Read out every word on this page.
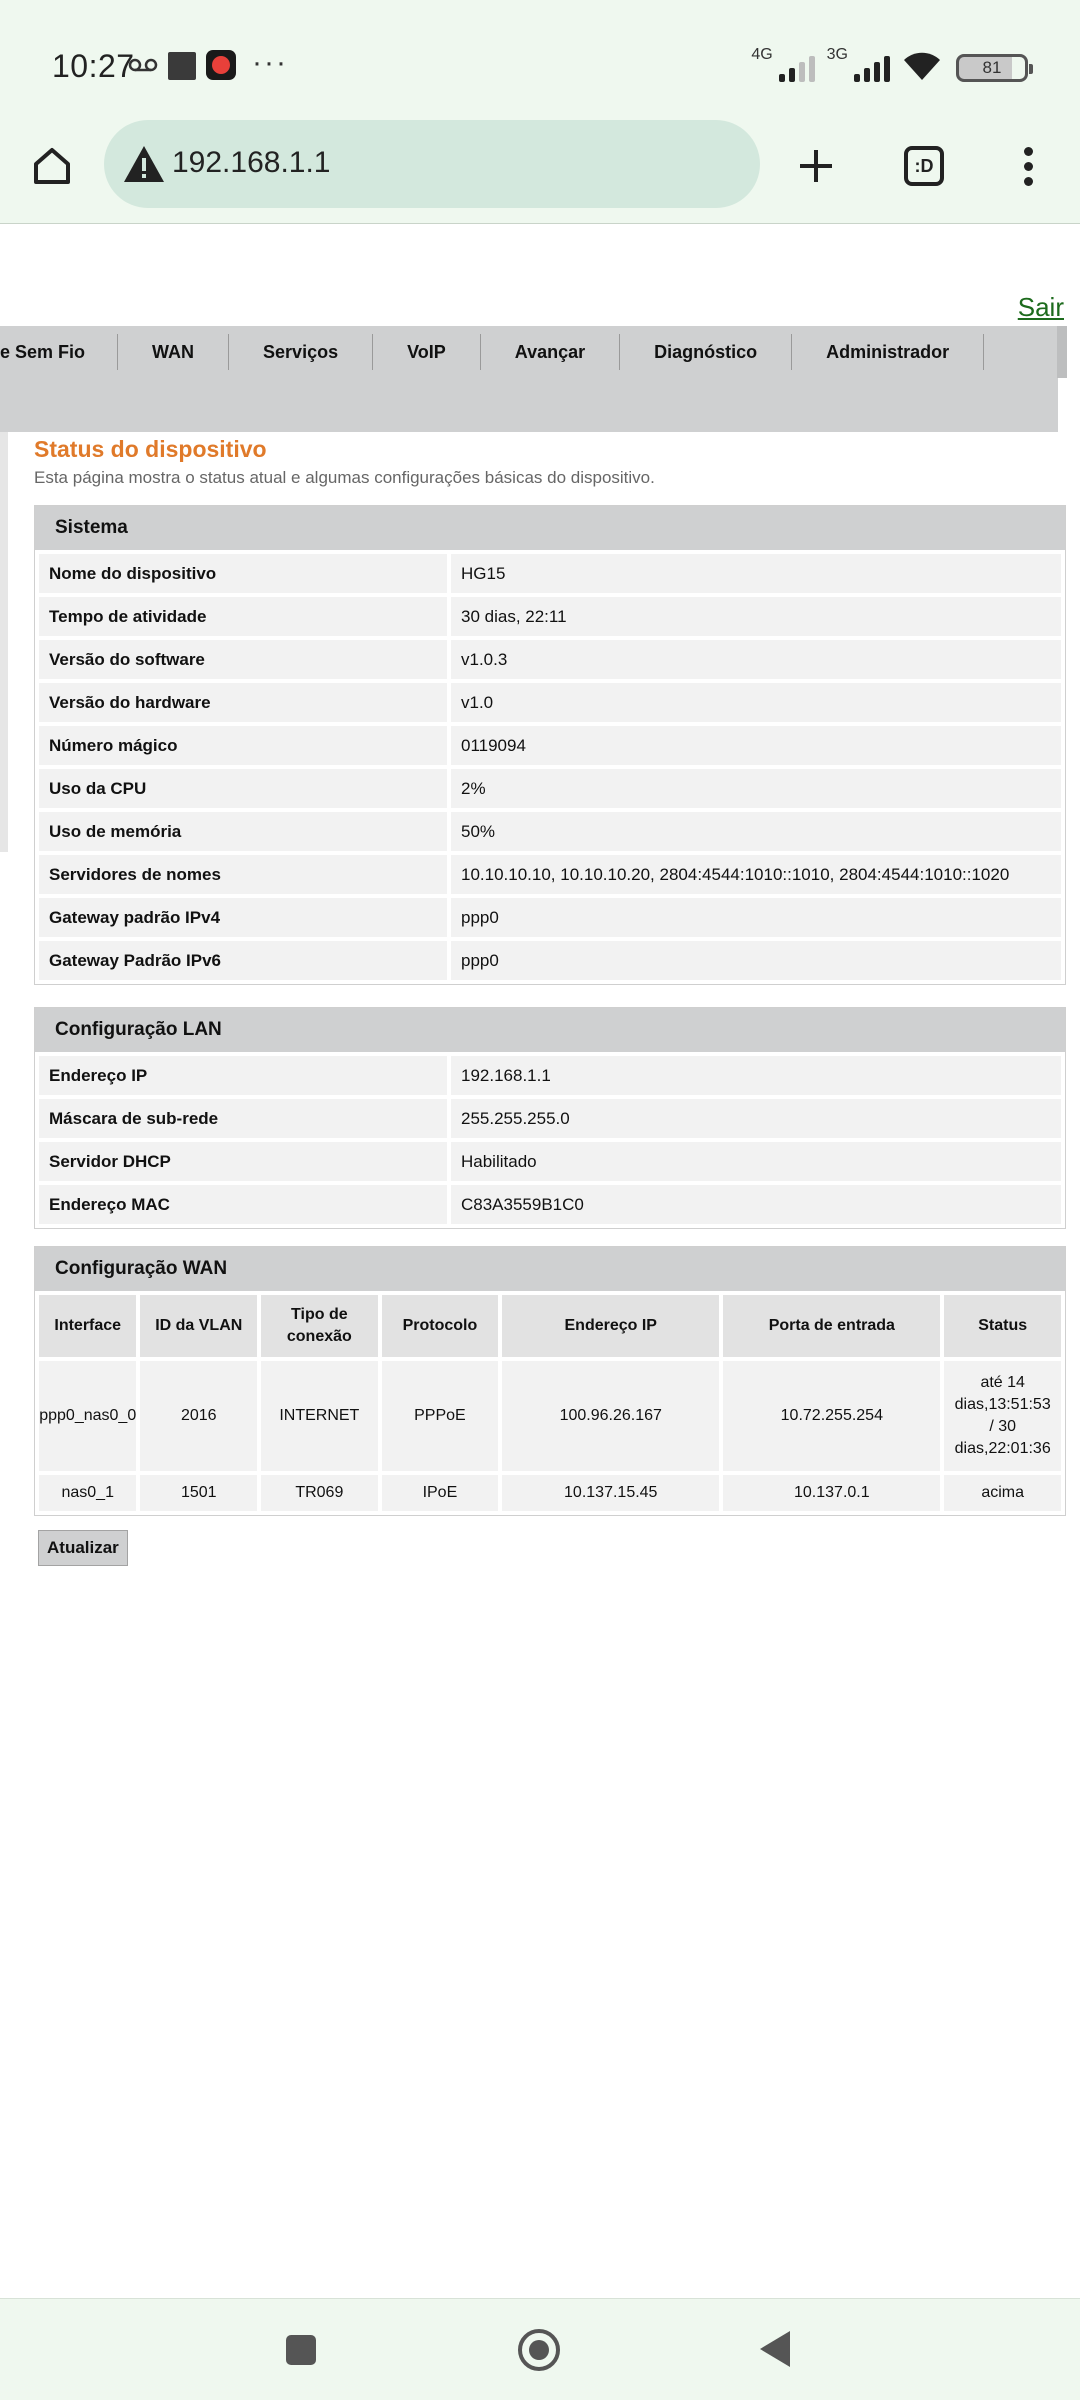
10:27	···	4G	3G
81
192.168.1.1	:D
Sair
e Sem Fio	WAN	Serviços	VoIP	Avançar	Diagnóstico	Administrador
Status do dispositivo
Esta página mostra o status atual e algumas configurações básicas do dispositivo.
Sistema
Nome do dispositivo	HG15
Tempo de atividade	30 dias, 22:11
Versão do software	v1.0.3
Versão do hardware	v1.0
Número mágico	0119094
Uso da CPU	2%
Uso de memória	50%
Servidores de nomes	10.10.10.10, 10.10.10.20, 2804:4544:1010::1010, 2804:4544:1010::1020
Gateway padrão IPv4	ppp0
Gateway Padrão IPv6	ppp0
Configuração LAN
Endereço IP	192.168.1.1
Máscara de sub-rede	255.255.255.0
Servidor DHCP	Habilitado
Endereço MAC	C83A3559B1C0
Configuração WAN
Interface	ID da VLAN	Tipo de conexão	Protocolo	Endereço IP	Porta de entrada	Status
ppp0_nas0_0	2016	INTERNET	PPPoE	100.96.26.167	10.72.255.254	até 14 dias,13:51:53 / 30 dias,22:01:36
nas0_1	1501	TR069	IPoE	10.137.15.45	10.137.0.1	acima
Atualizar
